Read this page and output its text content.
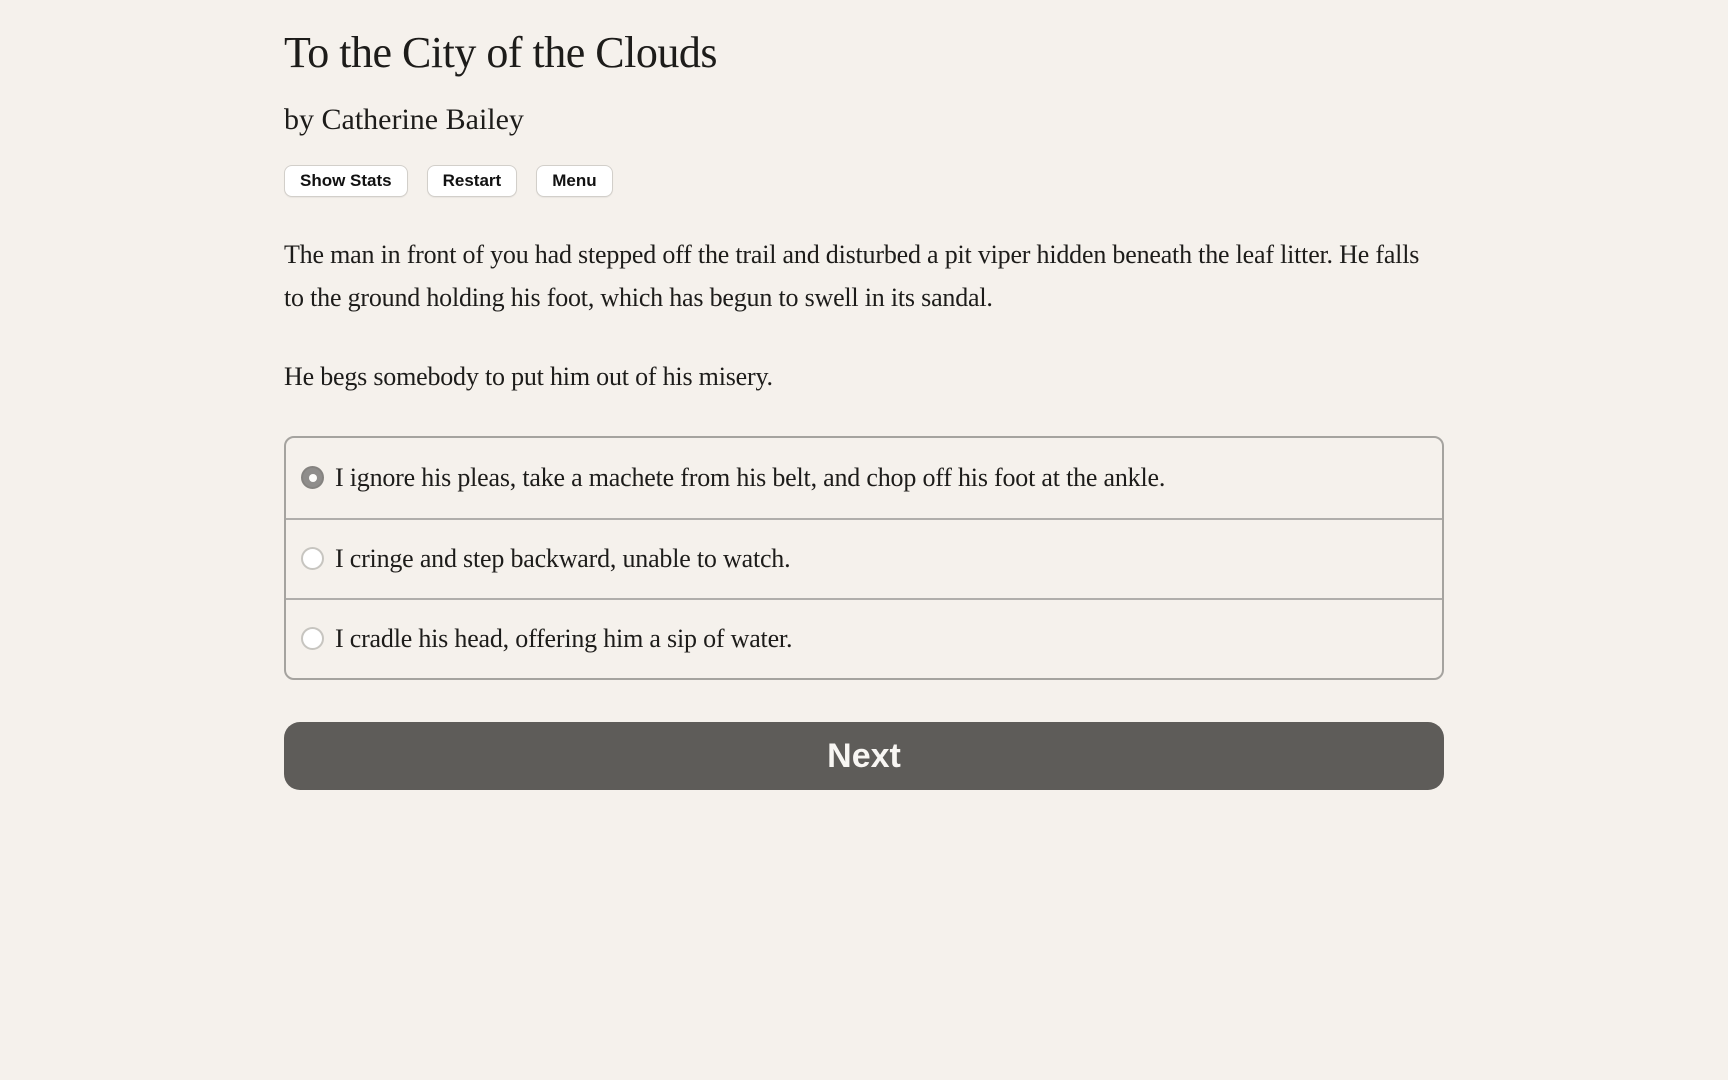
To the City of the Clouds
by Catherine Bailey
Show Stats	Restart	Menu

The man in front of you had stepped off the trail and disturbed a pit viper hidden beneath the leaf litter. He falls to the ground holding his foot, which has begun to swell in its sandal.

He begs somebody to put him out of his misery.

I ignore his pleas, take a machete from his belt, and chop off his foot at the ankle.
I cringe and step backward, unable to watch.
I cradle his head, offering him a sip of water.
Next
